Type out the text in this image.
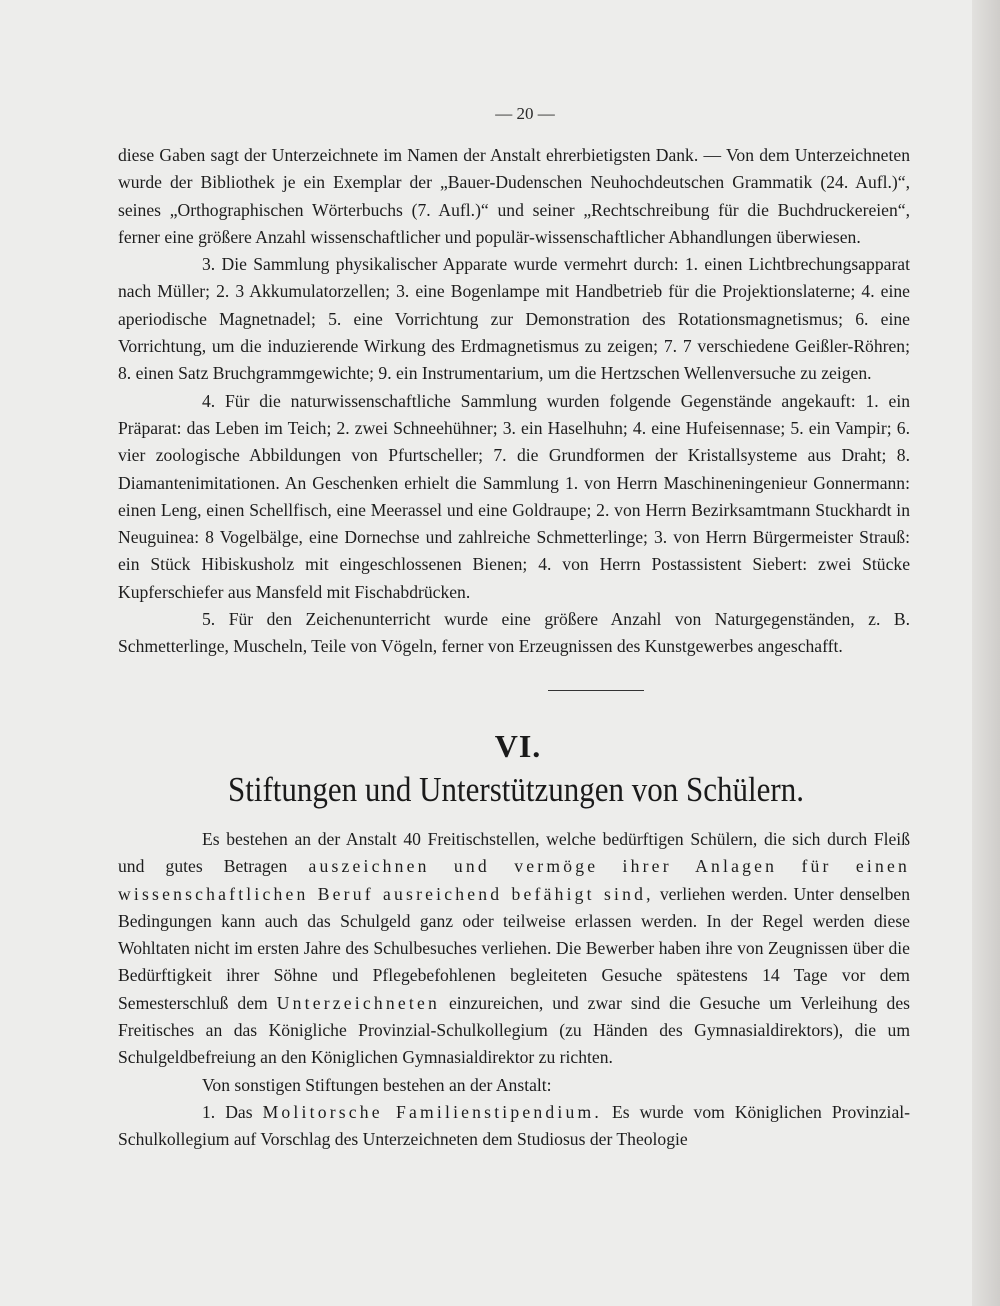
— 20 —

diese Gaben sagt der Unterzeichnete im Namen der Anstalt ehrerbietigsten Dank. — Von dem Unterzeichneten wurde der Bibliothek je ein Exemplar der „Bauer-Dudenschen Neuhochdeutschen Grammatik (24. Aufl.)“, seines „Orthographischen Wörterbuchs (7. Aufl.)“ und seiner „Rechtschreibung für die Buchdruckereien“, ferner eine größere Anzahl wissenschaftlicher und populär-wissenschaftlicher Abhandlungen überwiesen.

3. Die Sammlung physikalischer Apparate wurde vermehrt durch: 1. einen Lichtbrechungsapparat nach Müller; 2. 3 Akkumulatorzellen; 3. eine Bogenlampe mit Handbetrieb für die Projektionslaterne; 4. eine aperiodische Magnetnadel; 5. eine Vorrichtung zur Demonstration des Rotationsmagnetismus; 6. eine Vorrichtung, um die induzierende Wirkung des Erdmagnetismus zu zeigen; 7. 7 verschiedene Geißler-Röhren; 8. einen Satz Bruchgrammgewichte; 9. ein Instrumentarium, um die Hertzschen Wellenversuche zu zeigen.

4. Für die naturwissenschaftliche Sammlung wurden folgende Gegenstände angekauft: 1. ein Präparat: das Leben im Teich; 2. zwei Schneehühner; 3. ein Haselhuhn; 4. eine Hufeisennase; 5. ein Vampir; 6. vier zoologische Abbildungen von Pfurtscheller; 7. die Grundformen der Kristallsysteme aus Draht; 8. Diamantenimitationen. An Geschenken erhielt die Sammlung 1. von Herrn Maschineningenieur Gonnermann: einen Leng, einen Schellfisch, eine Meerassel und eine Goldraupe; 2. von Herrn Bezirksamtmann Stuckhardt in Neuguinea: 8 Vogelbälge, eine Dornechse und zahlreiche Schmetterlinge; 3. von Herrn Bürgermeister Strauß: ein Stück Hibiskusholz mit eingeschlossenen Bienen; 4. von Herrn Postassistent Siebert: zwei Stücke Kupferschiefer aus Mansfeld mit Fischabdrücken.

5. Für den Zeichenunterricht wurde eine größere Anzahl von Naturgegenständen, z. B. Schmetterlinge, Muscheln, Teile von Vögeln, ferner von Erzeugnissen des Kunstgewerbes angeschafft.

VI.
Stiftungen und Unterstützungen von Schülern.

Es bestehen an der Anstalt 40 Freitischstellen, welche bedürftigen Schülern, die sich durch Fleiß und gutes Betragen auszeichnen und vermöge ihrer Anlagen für einen wissenschaftlichen Beruf ausreichend befähigt sind, verliehen werden. Unter denselben Bedingungen kann auch das Schulgeld ganz oder teilweise erlassen werden. In der Regel werden diese Wohltaten nicht im ersten Jahre des Schulbesuches verliehen. Die Bewerber haben ihre von Zeugnissen über die Bedürftigkeit ihrer Söhne und Pflegebefohlenen begleiteten Gesuche spätestens 14 Tage vor dem Semesterschluß dem Unterzeichneten einzureichen, und zwar sind die Gesuche um Verleihung des Freitisches an das Königliche Provinzial-Schulkollegium (zu Händen des Gymnasialdirektors), die um Schulgeldbefreiung an den Königlichen Gymnasialdirektor zu richten.

Von sonstigen Stiftungen bestehen an der Anstalt:

1. Das Molitorsche Familienstipendium. Es wurde vom Königlichen Provinzial-Schulkollegium auf Vorschlag des Unterzeichneten dem Studiosus der Theologie
